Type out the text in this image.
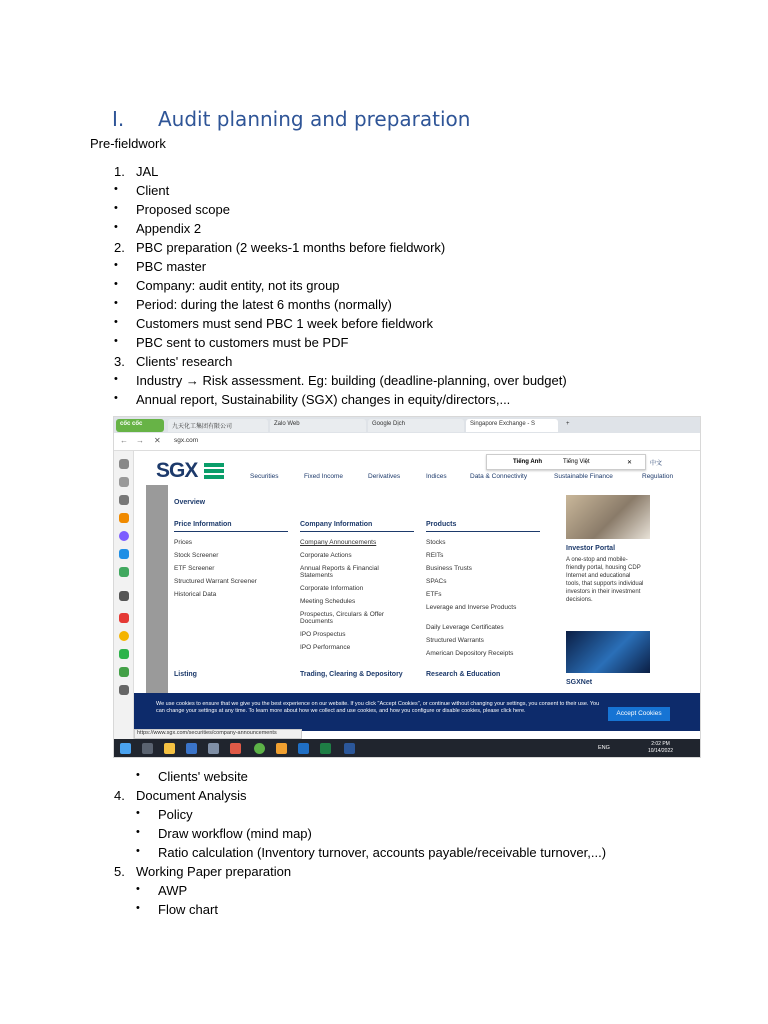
I.	Audit planning and preparation
Pre-fieldwork
1. JAL
•	Client
•	Proposed scope
•	Appendix 2
2. PBC preparation (2 weeks-1 months before fieldwork)
•	PBC master
•	Company: audit entity, not its group
•	Period: during the latest 6 months (normally)
•	Customers must send PBC 1 week before fieldwork
•	PBC sent to customers must be PDF
3. Clients' research
•	Industry → Risk assessment. Eg: building (deadline-planning, over budget)
•	Annual report, Sustainability (SGX) changes in equity/directors,...
cốc cốc	九天化工集团有限公司	Zalo Web	Google Dịch	Singapore Exchange - S	+
← → ✕ sgx.com
SGX	Securities	Fixed Income	Derivatives	Indices	Data & Connectivity	Sustainable Finance	Regulation
Tiếng Anh	Tiếng Việt	✕	中文
Overview
Price Information
Prices
Stock Screener
ETF Screener
Structured Warrant Screener
Historical Data
Company Information
Company Announcements
Corporate Actions
Annual Reports & Financial Statements
Corporate Information
Meeting Schedules
Prospectus, Circulars & Offer Documents
IPO Prospectus
IPO Performance
Products
Stocks
REITs
Business Trusts
SPACs
ETFs
Leverage and Inverse Products
Daily Leverage Certificates
Structured Warrants
American Depository Receipts
Listing	Trading, Clearing & Depository	Research & Education
Investor Portal
A one-stop and mobile-friendly portal, housing CDP Internet and educational tools, that supports individual investors in their investment decisions.
SGXNet
We use cookies to ensure that we give you the best experience on our website. If you click "Accept Cookies", or continue without changing your settings, you consent to their use. You can change your settings at any time. To learn more about how we collect and use cookies, and how you configure or disable cookies, please click here.	Accept Cookies
https://www.sgx.com/securities/company-announcements
ENG
2:02 PM
10/14/2022
•	Clients' website
4. Document Analysis
•	Policy
•	Draw workflow (mind map)
•	Ratio calculation (Inventory turnover, accounts payable/receivable turnover,...)
5. Working Paper preparation
•	AWP
•	Flow chart
